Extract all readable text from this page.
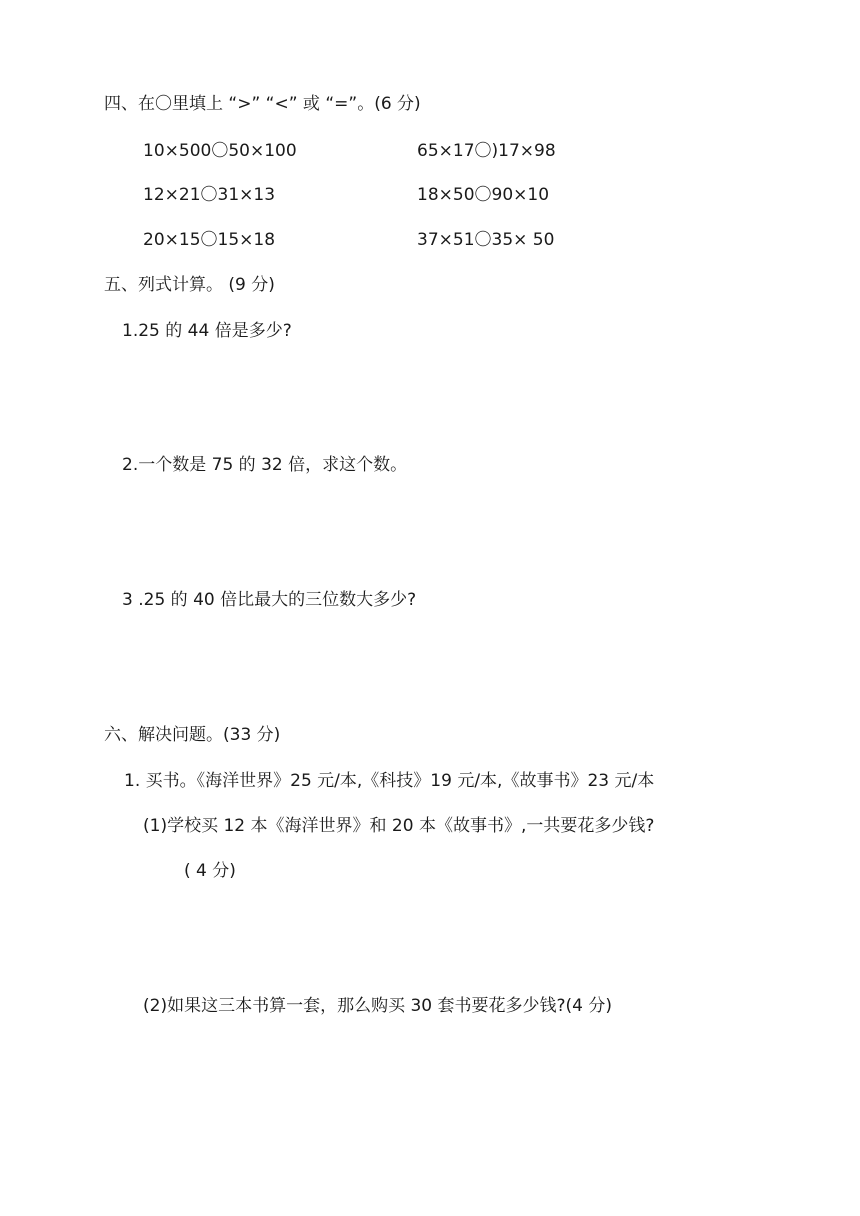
四、在〇里填上 “>” “<” 或 “=”。(6 分)
10×500〇50×100	65×17〇)17×98
12×21〇31×13	18×50〇90×10
20×15〇15×18	37×51〇35× 50
五、列式计算。 (9 分)
1.25 的 44 倍是多少?
2.一个数是 75 的 32 倍，求这个数。
3 .25 的 40 倍比最大的三位数大多少?
六、解决问题。(33 分)
1. 买书。《海洋世界》25 元/本,《科技》19 元/本,《故事书》23 元/本
(1)学校买 12 本《海洋世界》和 20 本《故事书》,一共要花多少钱?
( 4 分)
(2)如果这三本书算一套，那么购买 30 套书要花多少钱?(4 分)
